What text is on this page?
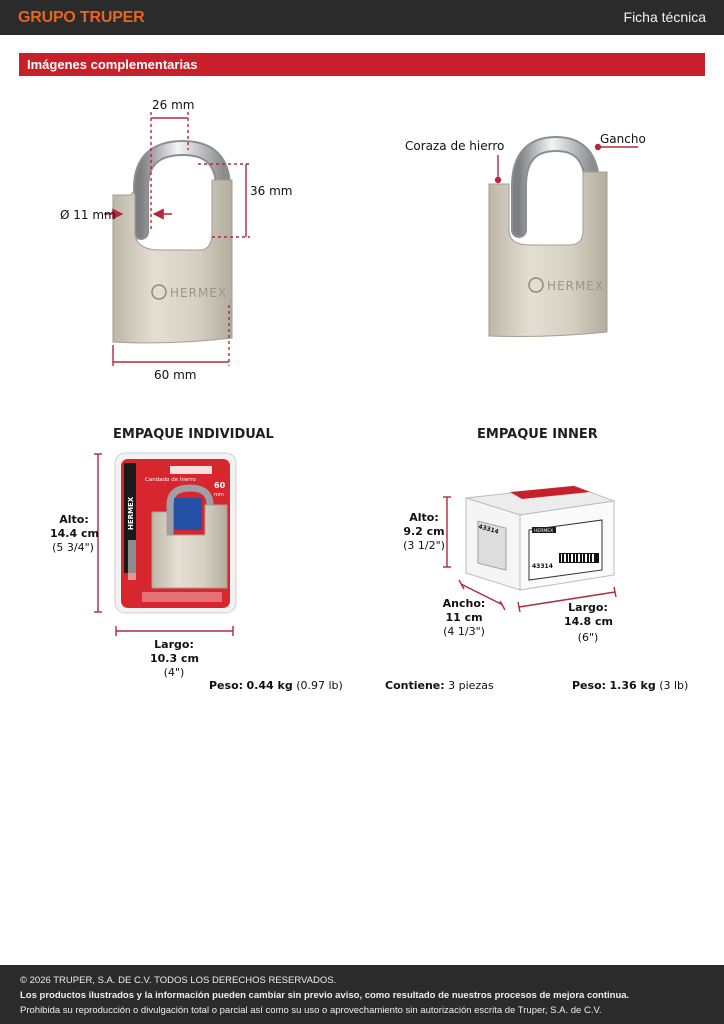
GRUPO TRUPER	Ficha técnica
Imágenes complementarias
HERMEX	HERMEX
HERMEX
Candado de hierro
60
mm
HERMEX
43314
43314
26 mm
36 mm
Ø 11 mm
60 mm
Coraza de hierro	Gancho
EMPAQUE INDIVIDUAL
Alto:
14.4 cm
(5 3/4")
Largo:
10.3 cm
(4")
Peso: 0.44 kg (0.97 lb)
EMPAQUE INNER
Alto:
9.2 cm
(3 1/2")
Ancho:
11 cm
(4 1/3")
Largo:
14.8 cm
(6")
Contiene: 3 piezas	Peso: 1.36 kg (3 lb)
© 2026 TRUPER, S.A. DE C.V. TODOS LOS DERECHOS RESERVADOS.
Los productos ilustrados y la información pueden cambiar sin previo aviso, como resultado de nuestros procesos de mejora continua.
Prohibida su reproducción o divulgación total o parcial así como su uso o aprovechamiento sin autorización escrita de Truper, S.A. de C.V.
